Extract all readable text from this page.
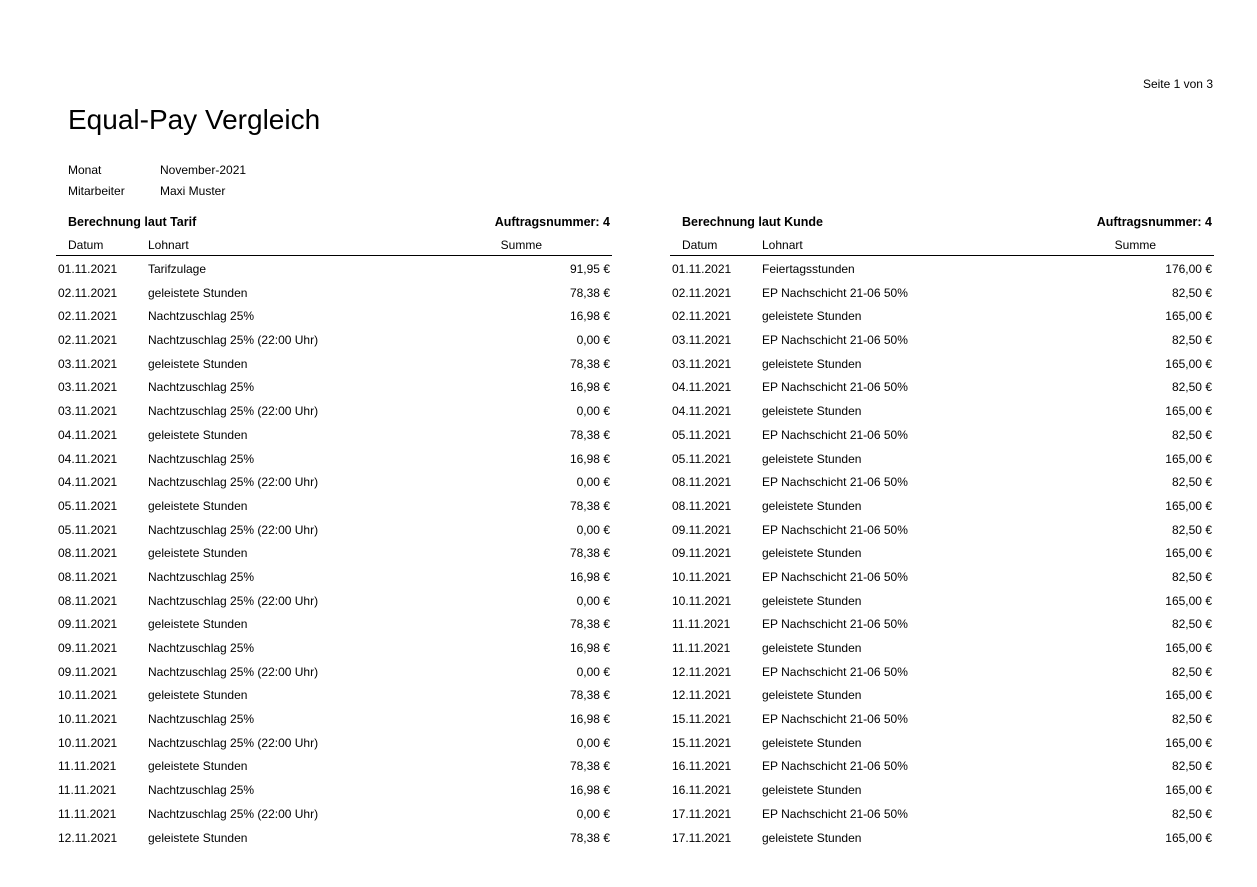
Seite 1 von 3
Equal-Pay Vergleich
Monat	November-2021
Mitarbeiter	Maxi Muster
Berechnung laut Tarif	Auftragsnummer: 4
Datum	Lohnart	Summe
01.11.2021	Tarifzulage	91,95 €
02.11.2021	geleistete Stunden	78,38 €
02.11.2021	Nachtzuschlag 25%	16,98 €
02.11.2021	Nachtzuschlag 25% (22:00 Uhr)	0,00 €
03.11.2021	geleistete Stunden	78,38 €
03.11.2021	Nachtzuschlag 25%	16,98 €
03.11.2021	Nachtzuschlag 25% (22:00 Uhr)	0,00 €
04.11.2021	geleistete Stunden	78,38 €
04.11.2021	Nachtzuschlag 25%	16,98 €
04.11.2021	Nachtzuschlag 25% (22:00 Uhr)	0,00 €
05.11.2021	geleistete Stunden	78,38 €
05.11.2021	Nachtzuschlag 25% (22:00 Uhr)	0,00 €
08.11.2021	geleistete Stunden	78,38 €
08.11.2021	Nachtzuschlag 25%	16,98 €
08.11.2021	Nachtzuschlag 25% (22:00 Uhr)	0,00 €
09.11.2021	geleistete Stunden	78,38 €
09.11.2021	Nachtzuschlag 25%	16,98 €
09.11.2021	Nachtzuschlag 25% (22:00 Uhr)	0,00 €
10.11.2021	geleistete Stunden	78,38 €
10.11.2021	Nachtzuschlag 25%	16,98 €
10.11.2021	Nachtzuschlag 25% (22:00 Uhr)	0,00 €
11.11.2021	geleistete Stunden	78,38 €
11.11.2021	Nachtzuschlag 25%	16,98 €
11.11.2021	Nachtzuschlag 25% (22:00 Uhr)	0,00 €
12.11.2021	geleistete Stunden	78,38 €
Berechnung laut Kunde	Auftragsnummer: 4
Datum	Lohnart	Summe
01.11.2021	Feiertagsstunden	176,00 €
02.11.2021	EP Nachschicht 21-06 50%	82,50 €
02.11.2021	geleistete Stunden	165,00 €
03.11.2021	EP Nachschicht 21-06 50%	82,50 €
03.11.2021	geleistete Stunden	165,00 €
04.11.2021	EP Nachschicht 21-06 50%	82,50 €
04.11.2021	geleistete Stunden	165,00 €
05.11.2021	EP Nachschicht 21-06 50%	82,50 €
05.11.2021	geleistete Stunden	165,00 €
08.11.2021	EP Nachschicht 21-06 50%	82,50 €
08.11.2021	geleistete Stunden	165,00 €
09.11.2021	EP Nachschicht 21-06 50%	82,50 €
09.11.2021	geleistete Stunden	165,00 €
10.11.2021	EP Nachschicht 21-06 50%	82,50 €
10.11.2021	geleistete Stunden	165,00 €
11.11.2021	EP Nachschicht 21-06 50%	82,50 €
11.11.2021	geleistete Stunden	165,00 €
12.11.2021	EP Nachschicht 21-06 50%	82,50 €
12.11.2021	geleistete Stunden	165,00 €
15.11.2021	EP Nachschicht 21-06 50%	82,50 €
15.11.2021	geleistete Stunden	165,00 €
16.11.2021	EP Nachschicht 21-06 50%	82,50 €
16.11.2021	geleistete Stunden	165,00 €
17.11.2021	EP Nachschicht 21-06 50%	82,50 €
17.11.2021	geleistete Stunden	165,00 €
